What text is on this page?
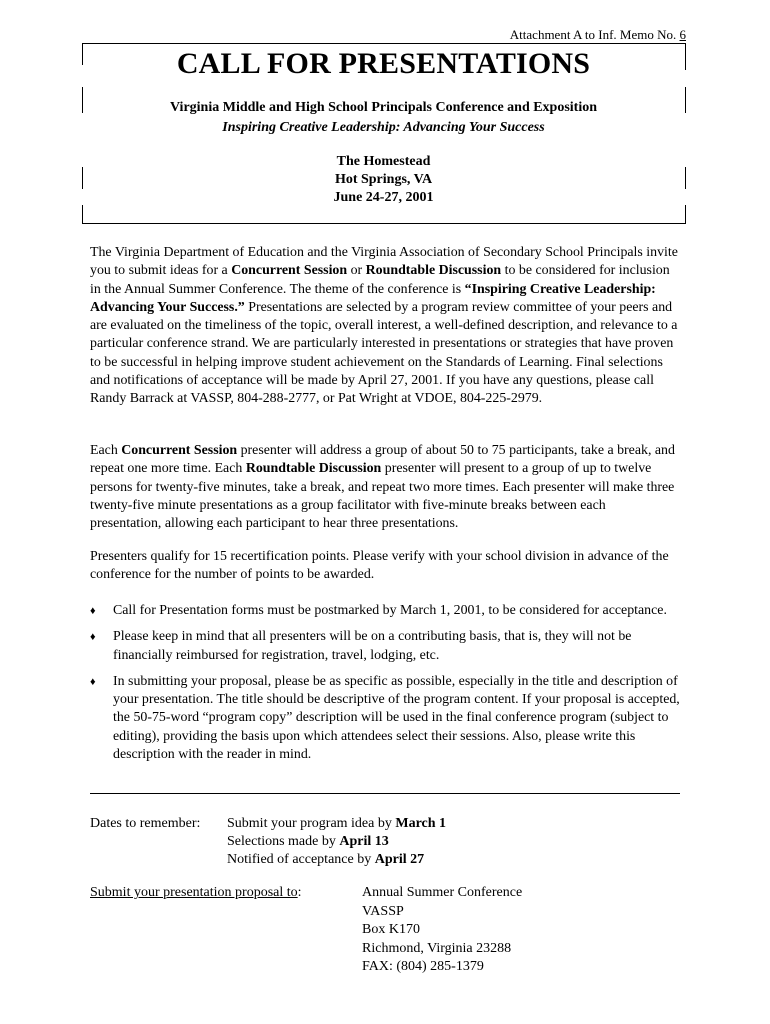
Attachment A to Inf. Memo No. 6
CALL FOR PRESENTATIONS
Virginia Middle and High School Principals Conference and Exposition
Inspiring Creative Leadership: Advancing Your Success
The Homestead
Hot Springs, VA
June 24-27, 2001

The Virginia Department of Education and the Virginia Association of Secondary School Principals invite you to submit ideas for a Concurrent Session or Roundtable Discussion to be considered for inclusion in the Annual Summer Conference. The theme of the conference is “Inspiring Creative Leadership: Advancing Your Success.” Presentations are selected by a program review committee of your peers and are evaluated on the timeliness of the topic, overall interest, a well-defined description, and relevance to a particular conference strand. We are particularly interested in presentations or strategies that have proven to be successful in helping improve student achievement on the Standards of Learning. Final selections and notifications of acceptance will be made by April 27, 2001. If you have any questions, please call Randy Barrack at VASSP, 804-288-2777, or Pat Wright at VDOE, 804-225-2979.

Each Concurrent Session presenter will address a group of about 50 to 75 participants, take a break, and repeat one more time. Each Roundtable Discussion presenter will present to a group of up to twelve persons for twenty-five minutes, take a break, and repeat two more times. Each presenter will make three twenty-five minute presentations as a group facilitator with five-minute breaks between each presentation, allowing each participant to hear three presentations.

Presenters qualify for 15 recertification points. Please verify with your school division in advance of the conference for the number of points to be awarded.

♦	Call for Presentation forms must be postmarked by March 1, 2001, to be considered for acceptance.
♦	Please keep in mind that all presenters will be on a contributing basis, that is, they will not be financially reimbursed for registration, travel, lodging, etc.
♦	In submitting your proposal, please be as specific as possible, especially in the title and description of your presentation. The title should be descriptive of the program content. If your proposal is accepted, the 50-75-word “program copy” description will be used in the final conference program (subject to editing), providing the basis upon which attendees select their sessions. Also, please write this description with the reader in mind.
Dates to remember:	Submit your program idea by March 1
Selections made by April 13
Notified of acceptance by April 27
Submit your presentation proposal to:	Annual Summer Conference
VASSP
Box K170
Richmond, Virginia 23288
FAX: (804) 285-1379
